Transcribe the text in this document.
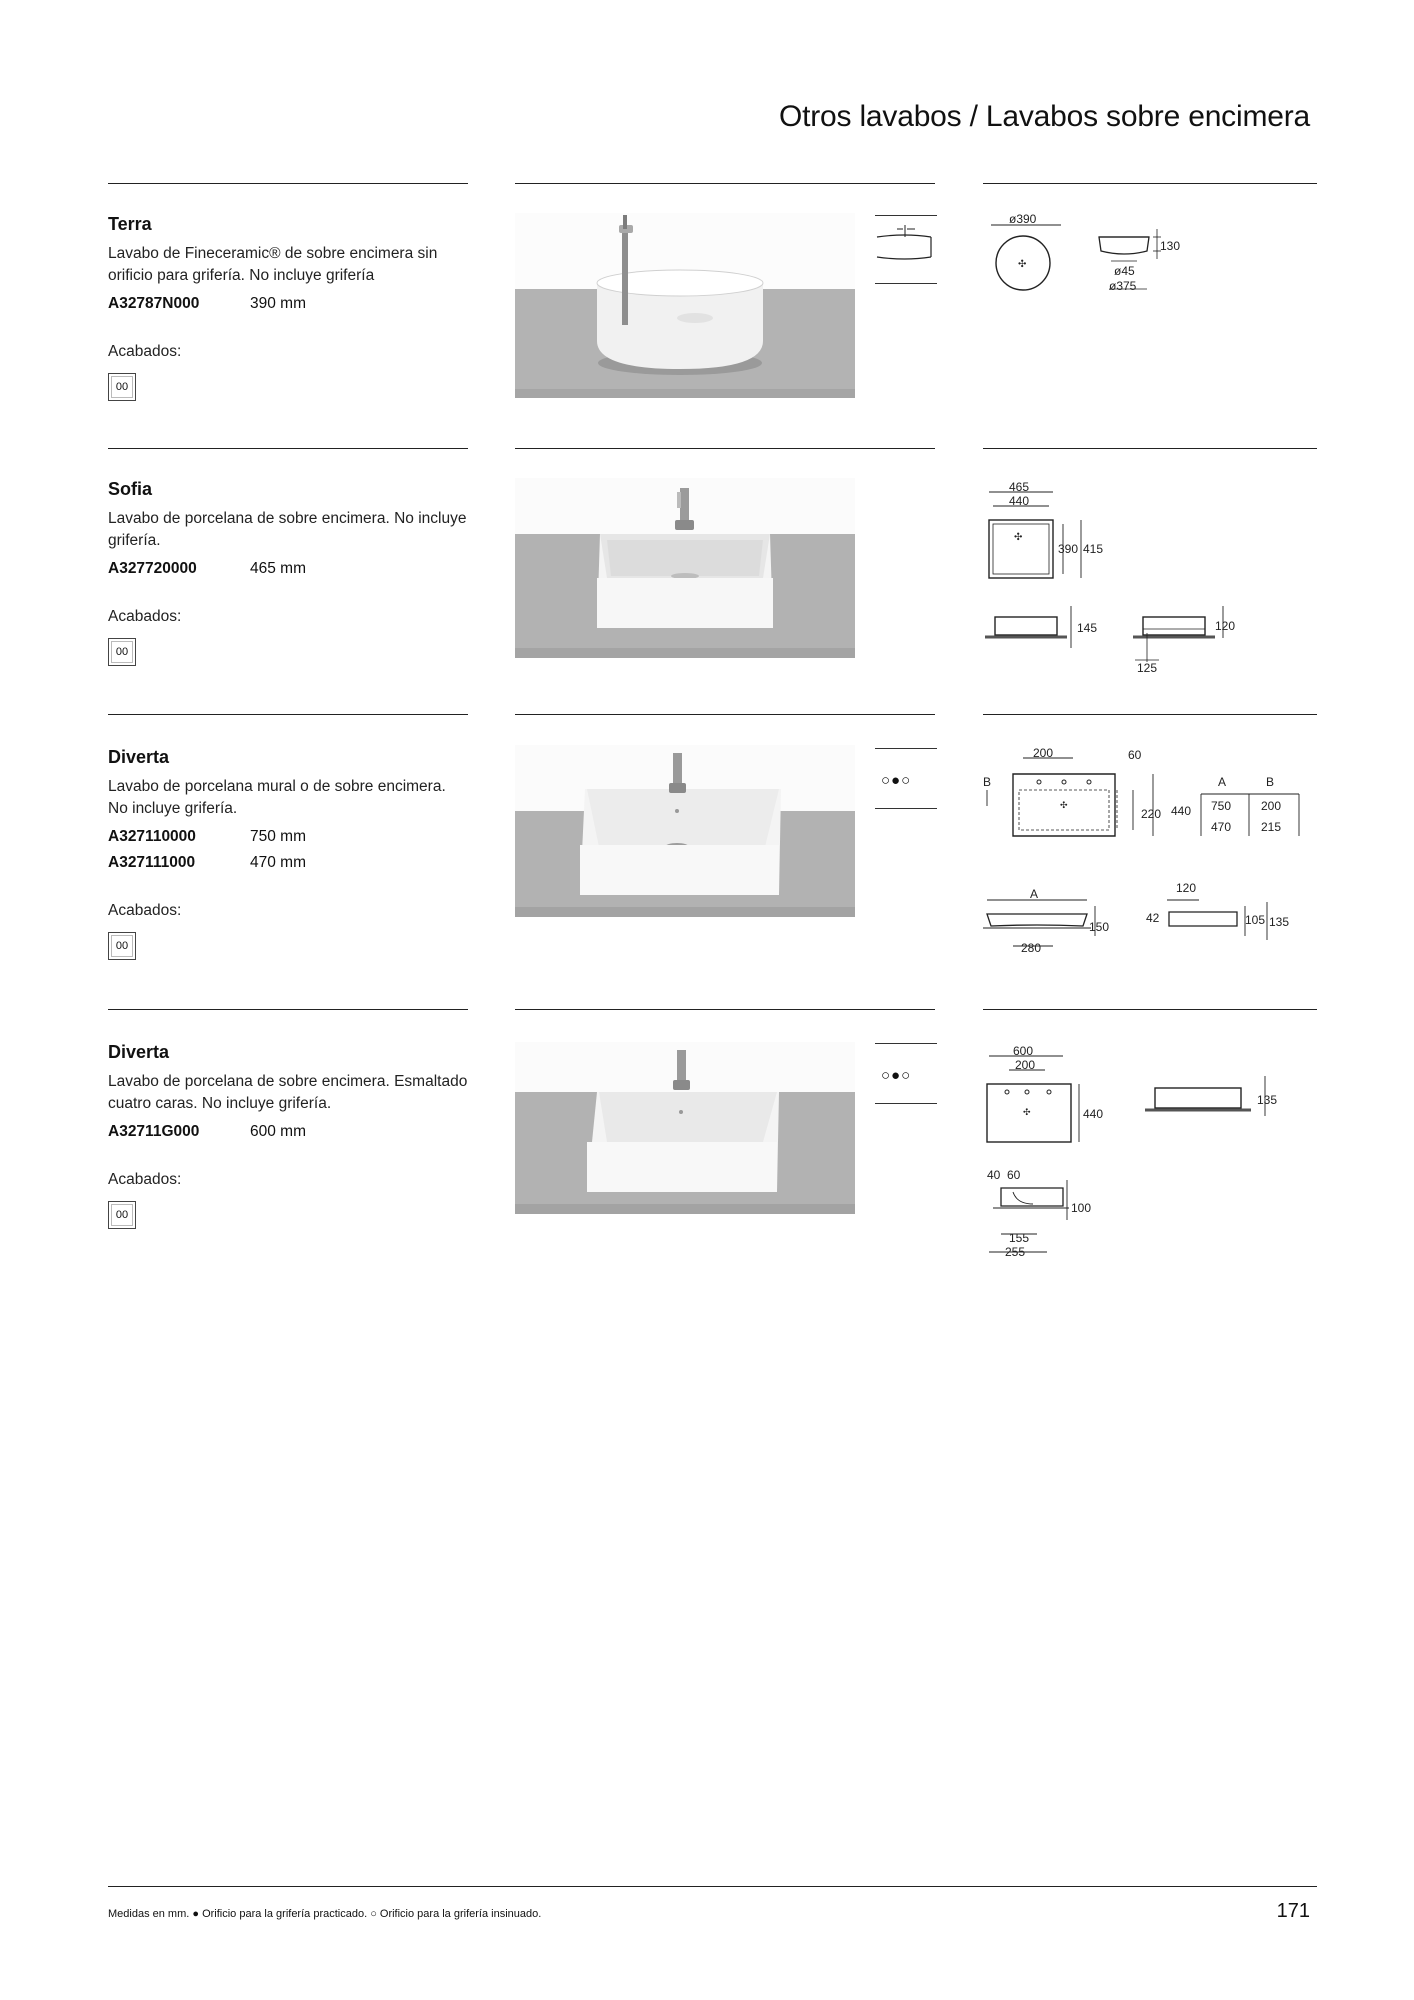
Otros lavabos / Lavabos sobre encimera
Terra
Lavabo de Fineceramic® de sobre encimera sin orificio para grifería. No incluye grifería
A32787N000	390 mm
Acabados:
00
ø390
✣
130
ø45
ø375
Sofia
Lavabo de porcelana de sobre encimera. No incluye grifería.
A327720000	465 mm
Acabados:
00
465
440
✣
390 415
145	120
125
Diverta
Lavabo de porcelana mural o de sobre encimera. No incluye grifería.
A327110000	750 mm
A327111000	470 mm
Acabados:
00
○●○
200	60
B
✣
220 440
A	B
750 200
470 215
A
150
280
120
42	105 135
Diverta
Lavabo de porcelana de sobre encimera. Esmaltado cuatro caras. No incluye grifería.
A32711G000	600 mm
Acabados:
00
○●○
600
200
✣	440
135
40 60
100
155
255
Medidas en mm. ● Orificio para la grifería practicado. ○ Orificio para la grifería insinuado.	171
